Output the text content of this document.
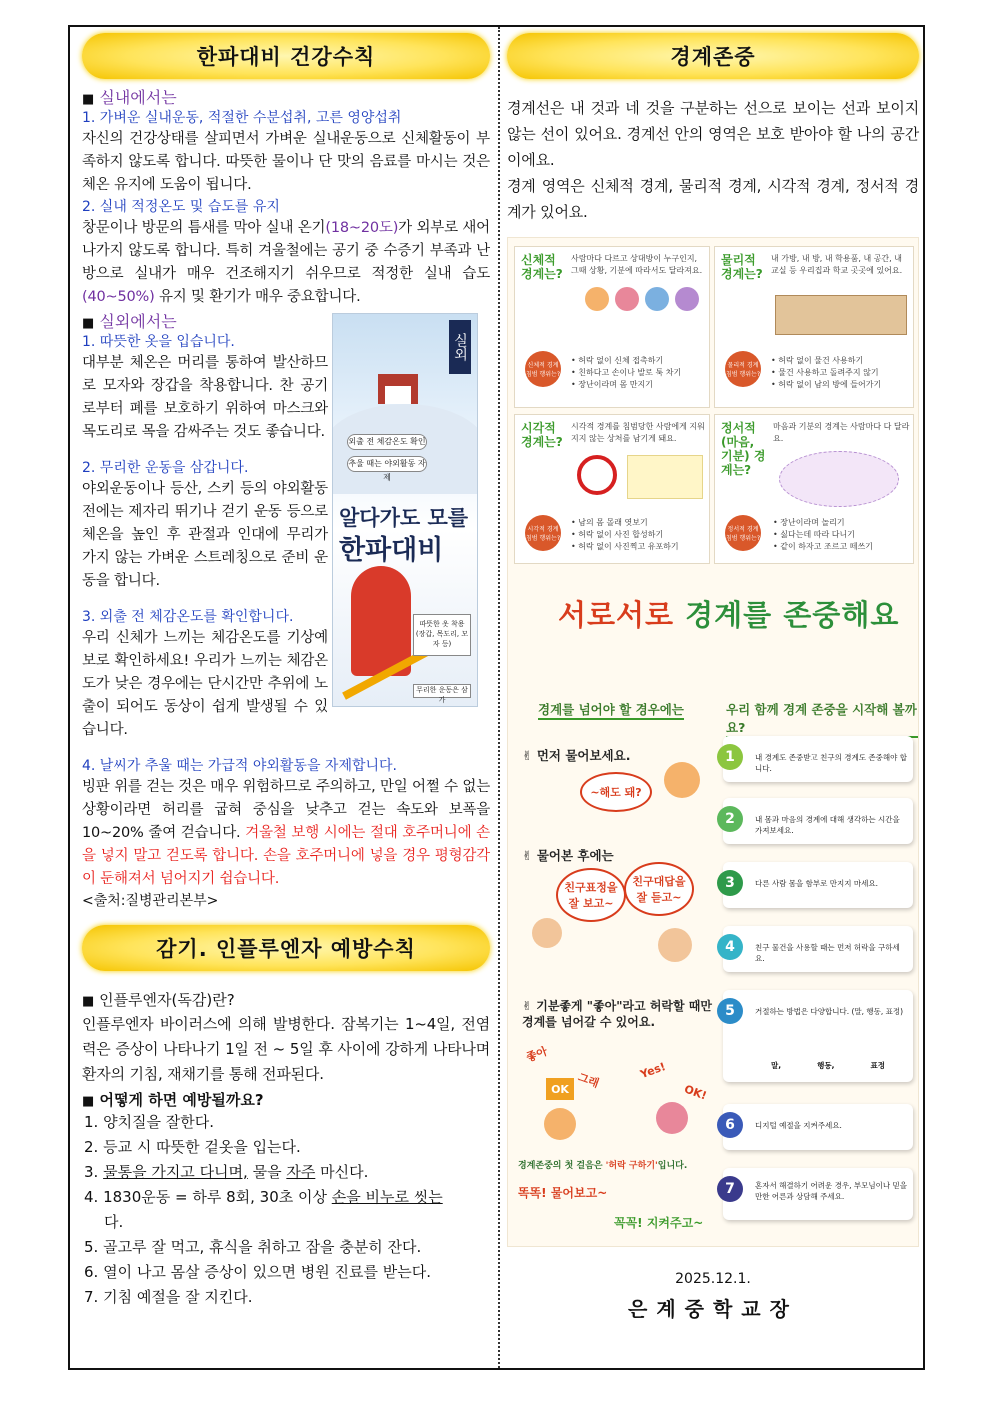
한파대비 건강수칙
■ 실내에서는
1. 가벼운 실내운동, 적절한 수분섭취, 고른 영양섭취
자신의 건강상태를 살피면서 가벼운 실내운동으로 신체활동이 부족하지 않도록 합니다. 따뜻한 물이나 단 맛의 음료를 마시는 것은 체온 유지에 도움이 됩니다.
2. 실내 적정온도 및 습도를 유지
창문이나 방문의 틈새를 막아 실내 온기(18~20도)가 외부로 새어 나가지 않도록 합니다. 특히 겨울철에는 공기 중 수증기 부족과 난방으로 실내가 매우 건조해지기 쉬우므로 적정한 실내 습도(40~50%) 유지 및 환기가 매우 중요합니다.
■ 실외에서는
1. 따뜻한 옷을 입습니다.
대부분 체온은 머리를 통하여 발산하므로 모자와 장갑을 착용합니다. 찬 공기로부터 폐를 보호하기 위하여 마스크와 목도리로 목을 감싸주는 것도 좋습니다.
2. 무리한 운동을 삼갑니다.
야외운동이나 등산, 스키 등의 야외활동 전에는 제자리 뛰기나 걷기 운동 등으로 체온을 높인 후 관절과 인대에 무리가 가지 않는 가벼운 스트레칭으로 준비 운동을 합니다.
3. 외출 전 체감온도를 확인합니다.
우리 신체가 느끼는 체감온도를 기상예보로 확인하세요! 우리가 느끼는 체감온도가 낮은 경우에는 단시간만 추위에 노출이 되어도 동상이 쉽게 발생될 수 있습니다.
실외
외출 전 체감온도 확인
추울 때는 야외활동 자제
알다가도 모를
한파대비
따뜻한 옷 착용 (장갑, 목도리, 모자 등)
무리한 운동은 삼가
4. 날씨가 추울 때는 가급적 야외활동을 자제합니다.
빙판 위를 걷는 것은 매우 위험하므로 주의하고, 만일 어쩔 수 없는 상황이라면 허리를 굽혀 중심을 낮추고 걷는 속도와 보폭을 10~20% 줄여 걷습니다. 겨울철 보행 시에는 절대 호주머니에 손을 넣지 말고 걷도록 합니다. 손을 호주머니에 넣을 경우 평형감각이 둔해져서 넘어지기 쉽습니다.
<출처:질병관리본부>
감기. 인플루엔자 예방수칙
■ 인플루엔자(독감)란?
인플루엔자 바이러스에 의해 발병한다. 잠복기는 1~4일, 전염력은 증상이 나타나기 1일 전 ~ 5일 후 사이에 강하게 나타나며 환자의 기침, 재채기를 통해 전파된다.
■ 어떻게 하면 예방될까요?
1. 양치질을 잘한다.
2. 등교 시 따뜻한 겉옷을 입는다.
3. 물통을 가지고 다니며, 물을 자주 마신다.
4. 1830운동 = 하루 8회, 30초 이상 손을 비누로 씻는
다.
5. 골고루 잘 먹고, 휴식을 취하고 잠을 충분히 잔다.
6. 열이 나고 몸살 증상이 있으면 병원 진료를 받는다.
7. 기침 예절을 잘 지킨다.
경계존중
경계선은 내 것과 네 것을 구분하는 선으로 보이는 선과 보이지 않는 선이 있어요. 경계선 안의 영역은 보호 받아야 할 나의 공간이에요.
경계 영역은 신체적 경계, 물리적 경계, 시각적 경계, 정서적 경계가 있어요.
신체적 경계는?
사람마다 다르고 상대방이 누구인지, 그때 상황, 기분에 따라서도 달라져요.
신체적 경계 침범 행위는?
• 허락 없이 신체 접촉하기
• 친하다고 손이나 발로 툭 차기
• 장난이라며 몸 만지기
물리적 경계는?
내 가방, 내 방, 내 학용품, 내 공간, 내 교실 등 우리집과 학교 곳곳에 있어요.
물리적 경계 침범 행위는?
• 허락 없이 물건 사용하기
• 물건 사용하고 돌려주지 않기
• 허락 없이 남의 방에 들어가기
시각적 경계는?
시각적 경계를 침범당한 사람에게 지워지지 않는 상처를 남기게 돼요.
시각적 경계 침범 행위는?
• 남의 몸 몰래 엿보기
• 허락 없이 사진 합성하기
• 허락 없이 사진찍고 유포하기
정서적 (마음, 기분) 경계는?
마음과 기분의 경계는 사람마다 다 달라요.
정서적 경계 침범 행위는?
• 장난이라며 놀리기
• 싫다는데 따라 다니기
• 같이 하자고 조르고 떼쓰기
서로서로 경계를 존중해요
경계를 넘어야 할 경우에는	우리 함께 경계 존중을 시작해 볼까요?
✌ 먼저 물어보세요.
~해도 돼?
✌ 물어본 후에는
친구표정을 잘 보고~
친구대답을 잘 듣고~
✌ 기분좋게 "좋아"라고 허락할 때만 경계를 넘어갈 수 있어요.
좋아
그래
OK
Yes!
OK!
경계존중의 첫 걸음은 '허락 구하기'입니다.
똑똑! 물어보고~
꼭꼭! 지켜주고~
1	내 경계도 존중받고 친구의 경계도 존중해야 합니다.
2	내 몸과 마음의 경계에 대해 생각하는 시간을 가져보세요.
3	다른 사람 몸을 함부로 만지지 마세요.
4	친구 물건을 사용할 때는 먼저 허락을 구하세요.
5	거절하는 방법은 다양합니다. (말, 행동, 표정)
말,	행동,	표정
6	디지털 예절을 지켜주세요.
7	혼자서 해결하기 어려운 경우, 부모님이나 믿을만한 어른과 상담해 주세요.
2025.12.1.
은계중학교장
